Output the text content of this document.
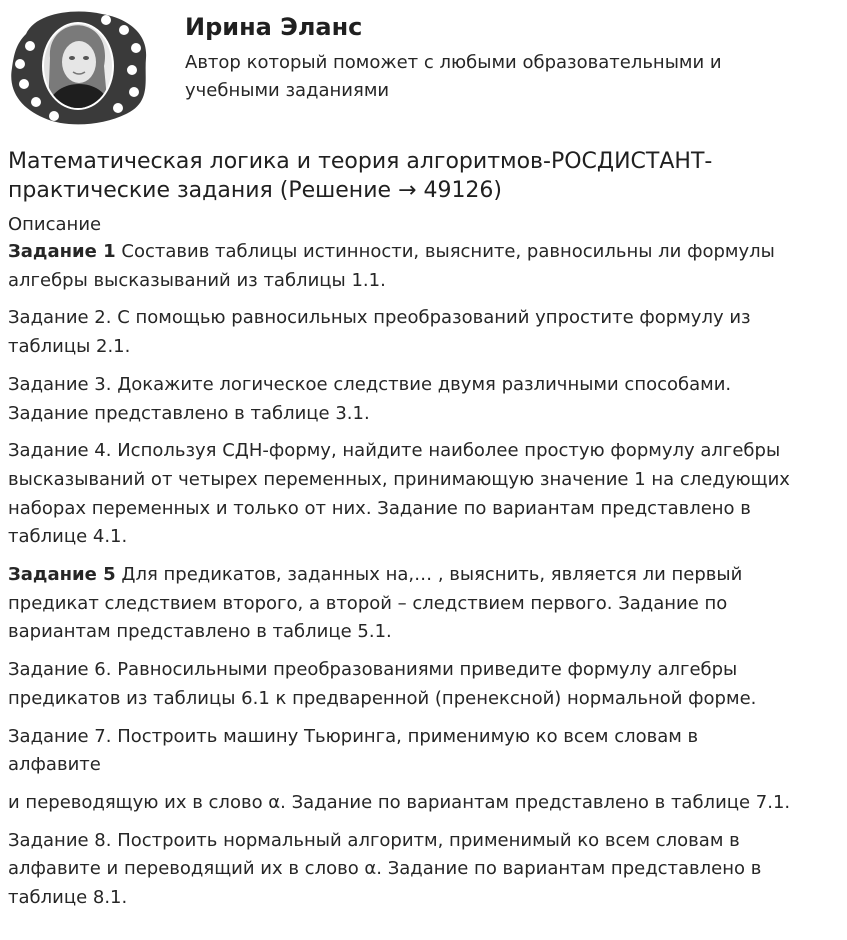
Ирина Эланс
Автор который поможет с любыми образовательными и учебными заданиями
Математическая логика и теория алгоритмов-РОСДИСТАНТ-
практические задания (Решение → 49126)
Описание
Задание 1 Составив таблицы истинности, выясните, равносильны ли формулы
алгебры высказываний из таблицы 1.1.
Задание 2. С помощью равносильных преобразований упростите формулу из
таблицы 2.1.
Задание 3. Докажите логическое следствие двумя различными способами.
Задание представлено в таблице 3.1.
Задание 4. Используя СДН-форму, найдите наиболее простую формулу алгебры
высказываний от четырех переменных, принимающую значение 1 на следующих
наборах переменных и только от них. Задание по вариантам представлено в
таблице 4.1.
Задание 5 Для предикатов, заданных на,… , выяснить, является ли первый
предикат следствием второго, а второй – следствием первого. Задание по
вариантам представлено в таблице 5.1.
Задание 6. Равносильными преобразованиями приведите формулу алгебры
предикатов из таблицы 6.1 к предваренной (пренексной) нормальной форме.
Задание 7. Построить машину Тьюринга, применимую ко всем словам в
алфавите
и переводящую их в слово α. Задание по вариантам представлено в таблице 7.1.
Задание 8. Построить нормальный алгоритм, применимый ко всем словам в
алфавите и переводящий их в слово α. Задание по вариантам представлено в
таблице 8.1.
